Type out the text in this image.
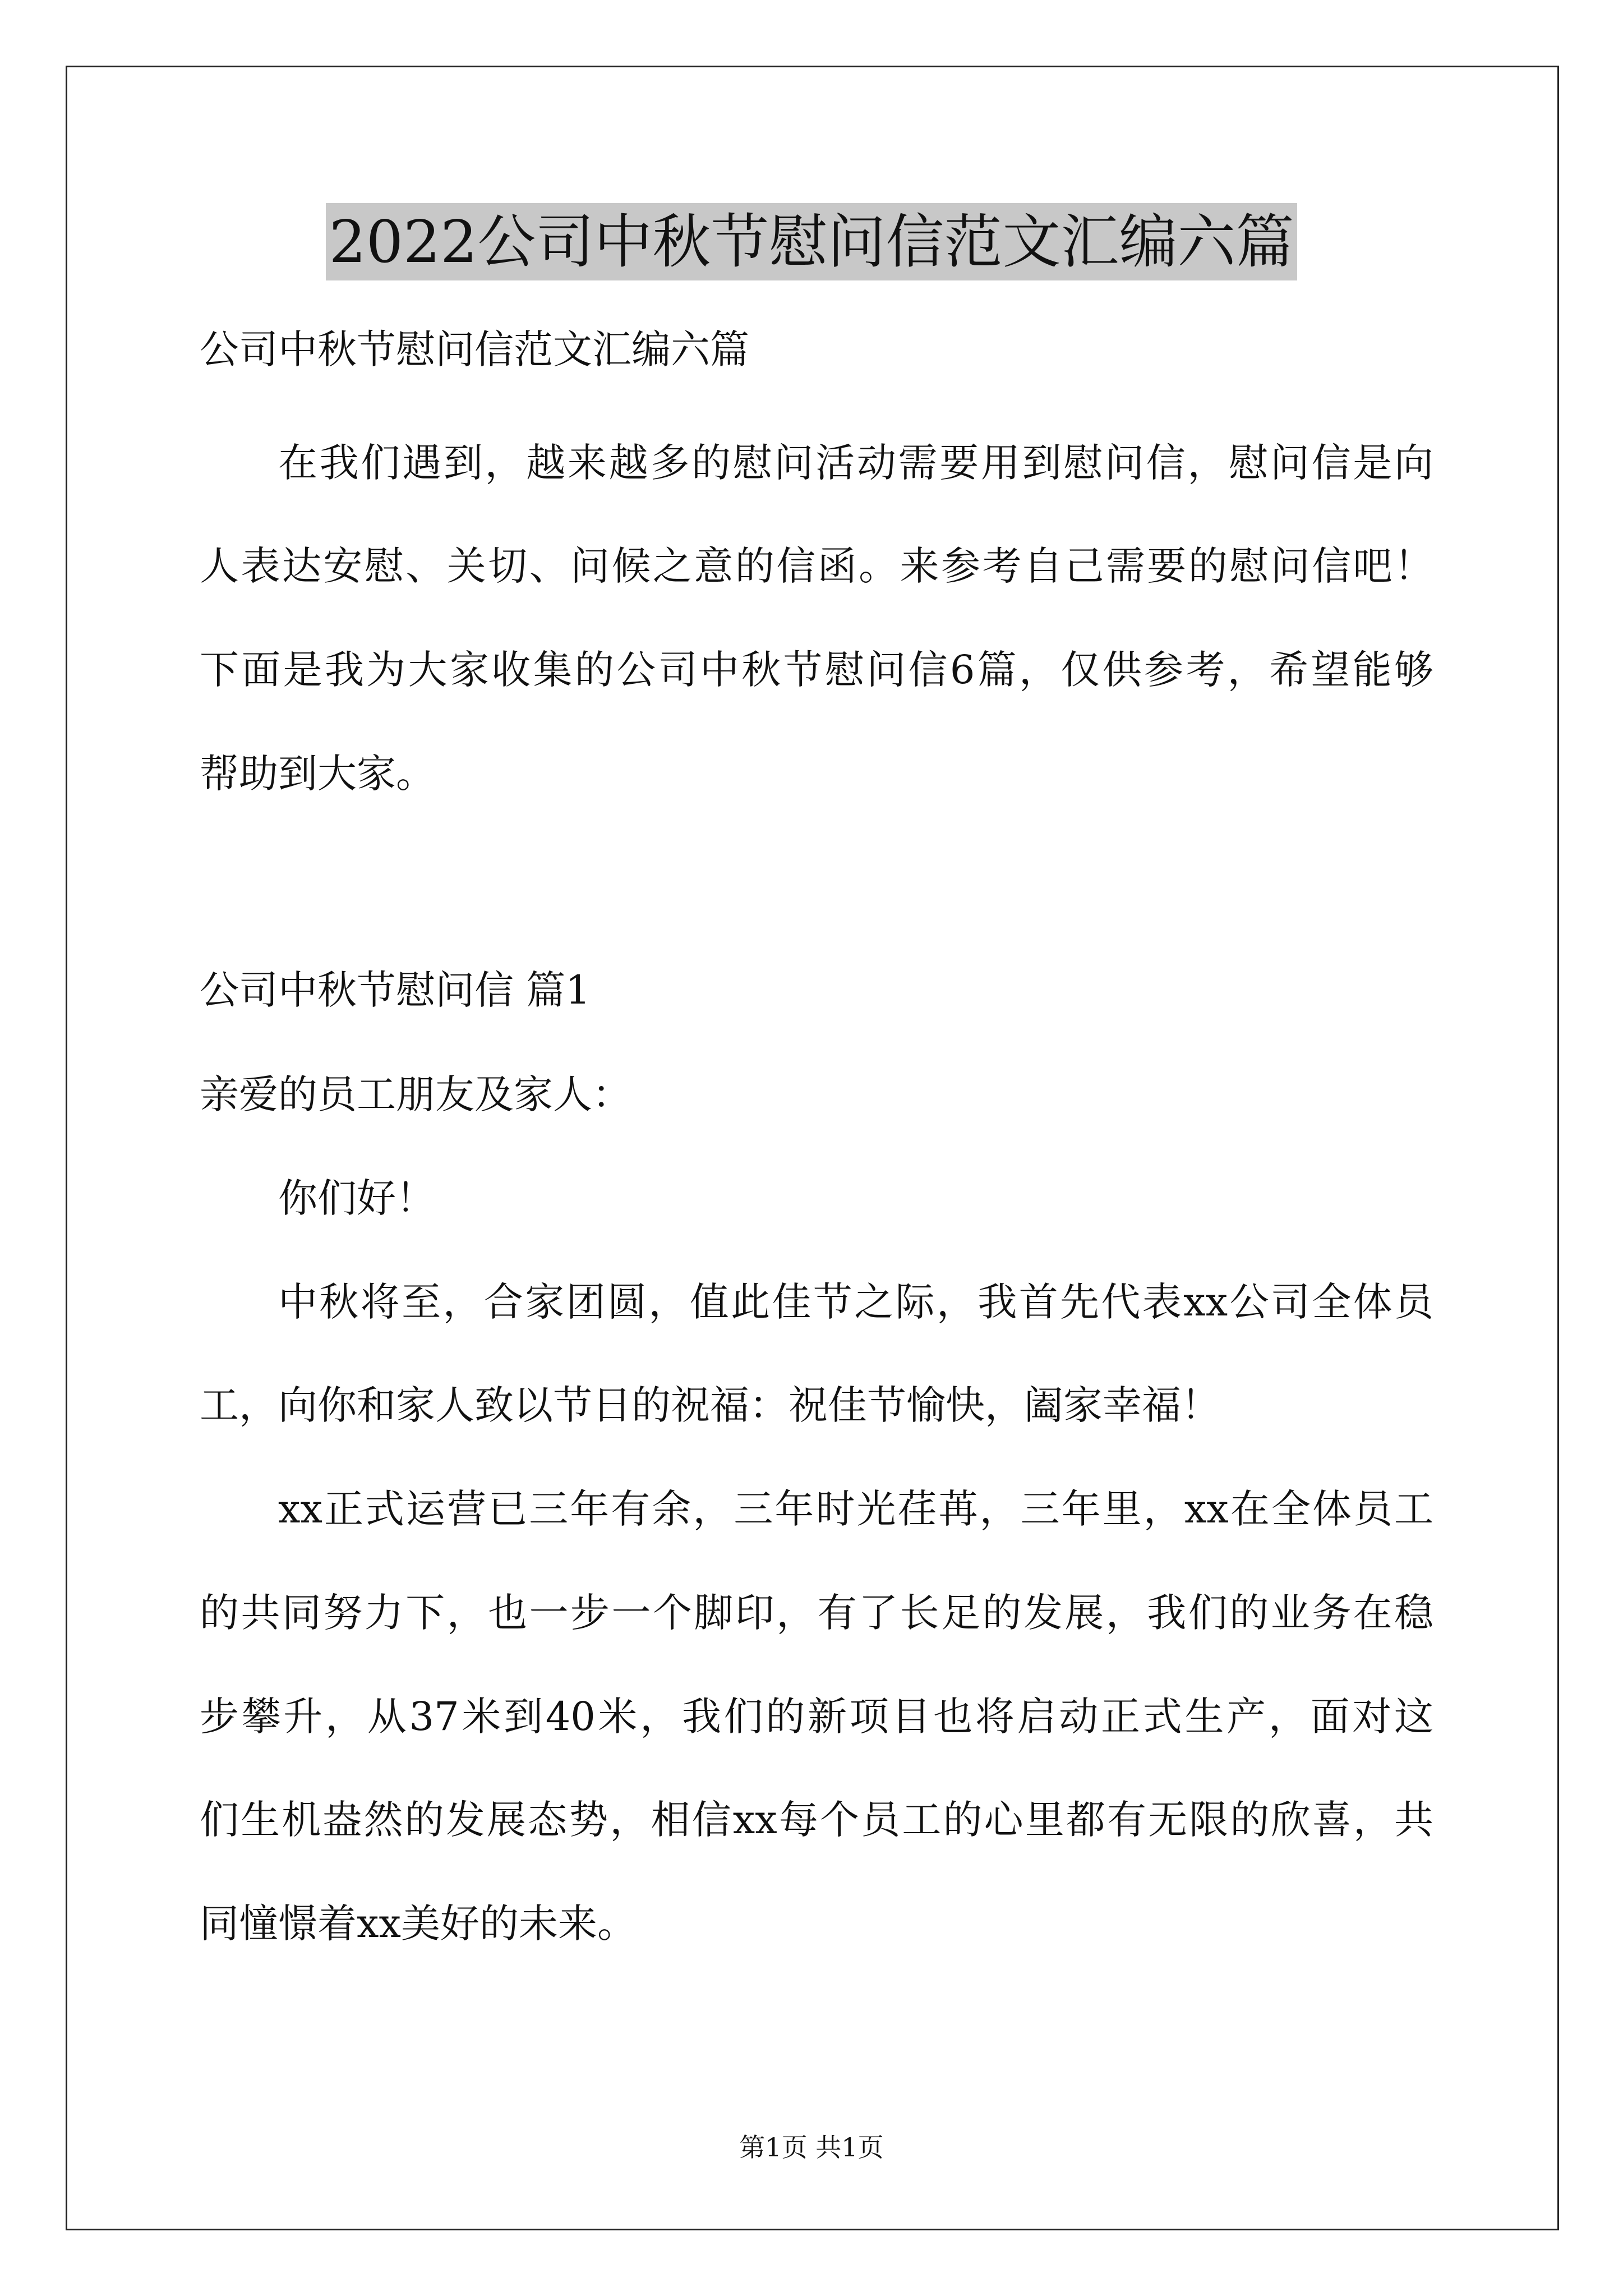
2022公司中秋节慰问信范文汇编六篇
公司中秋节慰问信范文汇编六篇
在我们遇到，越来越多的慰问活动需要用到慰问信，慰问信是向
人表达安慰、关切、问候之意的信函。来参考自己需要的慰问信吧！
下面是我为大家收集的公司中秋节慰问信6篇，仅供参考，希望能够
帮助到大家。
公司中秋节慰问信 篇1
亲爱的员工朋友及家人：
你们好！
中秋将至，合家团圆，值此佳节之际，我首先代表xx公司全体员
工，向你和家人致以节日的祝福：祝佳节愉快，阖家幸福！
xx正式运营已三年有余，三年时光荏苒，三年里，xx在全体员工
的共同努力下，也一步一个脚印，有了长足的发展，我们的业务在稳
步攀升，从37米到40米，我们的新项目也将启动正式生产，面对这
们生机盎然的发展态势，相信xx每个员工的心里都有无限的欣喜，共
同憧憬着xx美好的未来。
第1页 共1页
